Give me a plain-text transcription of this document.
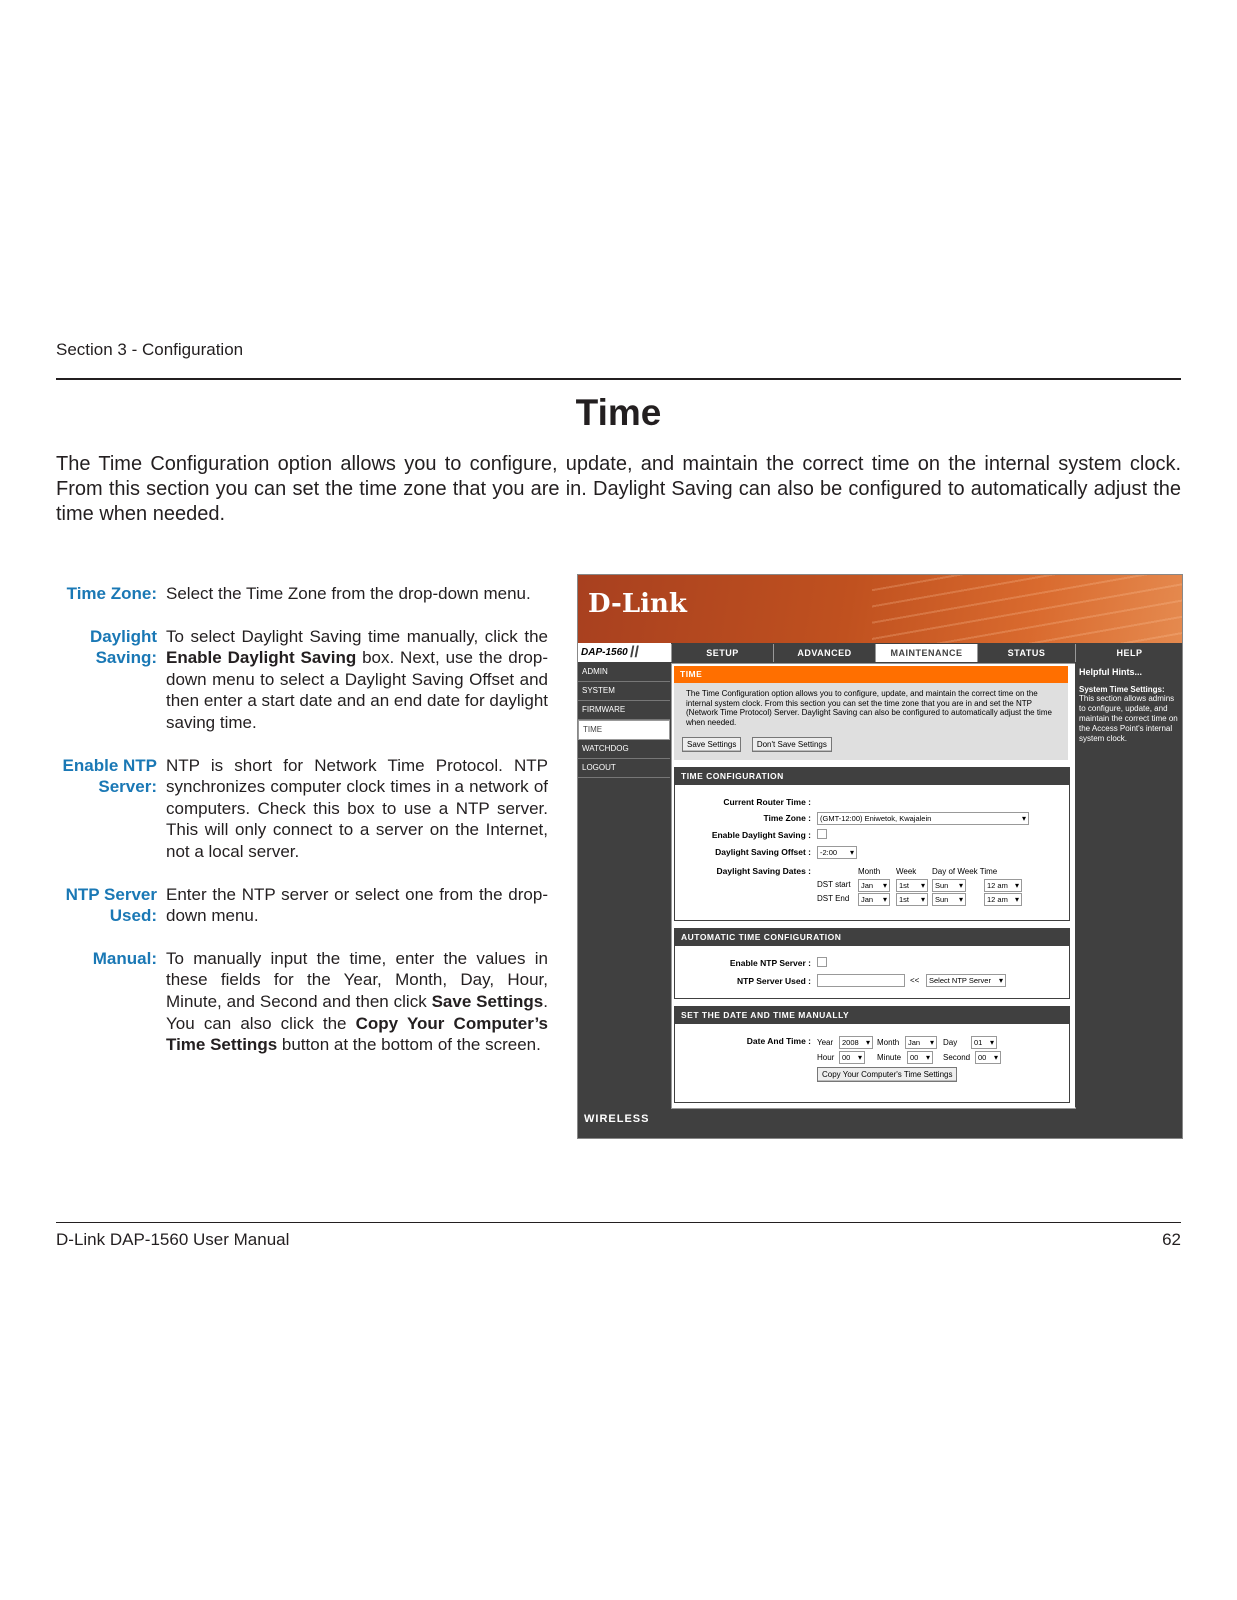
Section 3 - Configuration
Time

The Time Configuration option allows you to configure, update, and maintain the correct time on the internal system clock. From this section you can set the time zone that you are in. Daylight Saving can also be configured to automatically adjust the time when needed.

Time Zone: Select the Time Zone from the drop-down menu.
Daylight Saving:
To select Daylight Saving time manually, click the Enable Daylight Saving box. Next, use the drop-down menu to select a Daylight Saving Offset and then enter a start date and an end date for daylight saving time.
Enable NTP Server:
NTP is short for Network Time Protocol. NTP synchronizes computer clock times in a network of computers. Check this box to use a NTP server. This will only connect to a server on the Internet, not a local server.
NTP Server Used:
Enter the NTP server or select one from the drop-down menu.
Manual: To manually input the time, enter the values in these fields for the Year, Month, Day, Hour, Minute, and Second and then click Save Settings. You can also click the Copy Your Computer’s Time Settings button at the bottom of the screen.
D-Link
DAP-1560 //	SETUP	ADVANCED	MAINTENANCE	STATUS	HELP
ADMIN
SYSTEM
FIRMWARE
TIME
WATCHDOG
LOGOUT
TIME
The Time Configuration option allows you to configure, update, and maintain the correct time on the internal system clock. From this section you can set the time zone that you are in and set the NTP (Network Time Protocol) Server. Daylight Saving can also be configured to automatically adjust the time when needed.
Save Settings	Don't Save Settings
TIME CONFIGURATION
Current Router Time :
Time Zone :	(GMT-12:00) Eniwetok, Kwajalein ▾
Enable Daylight Saving :
Daylight Saving Offset :	-2:00 ▾
Daylight Saving Dates :	Month Week Day of Week Time
DST start	Jan ▾	1st ▾	Sun ▾	12 am ▾
DST End	Jan ▾	1st ▾	Sun ▾	12 am ▾
AUTOMATIC TIME CONFIGURATION
Enable NTP Server :
NTP Server Used :	<<	Select NTP Server ▾
SET THE DATE AND TIME MANUALLY
Date And Time : Year	2008 ▾	Month	Jan ▾	Day	01 ▾
Hour	00 ▾	Minute	00 ▾	Second	00 ▾
Copy Your Computer's Time Settings
Helpful Hints...
System Time Settings:
This section allows admins to configure, update, and maintain the correct time on the Access Point's internal system clock.
WIRELESS
D-Link DAP-1560 User Manual	62
